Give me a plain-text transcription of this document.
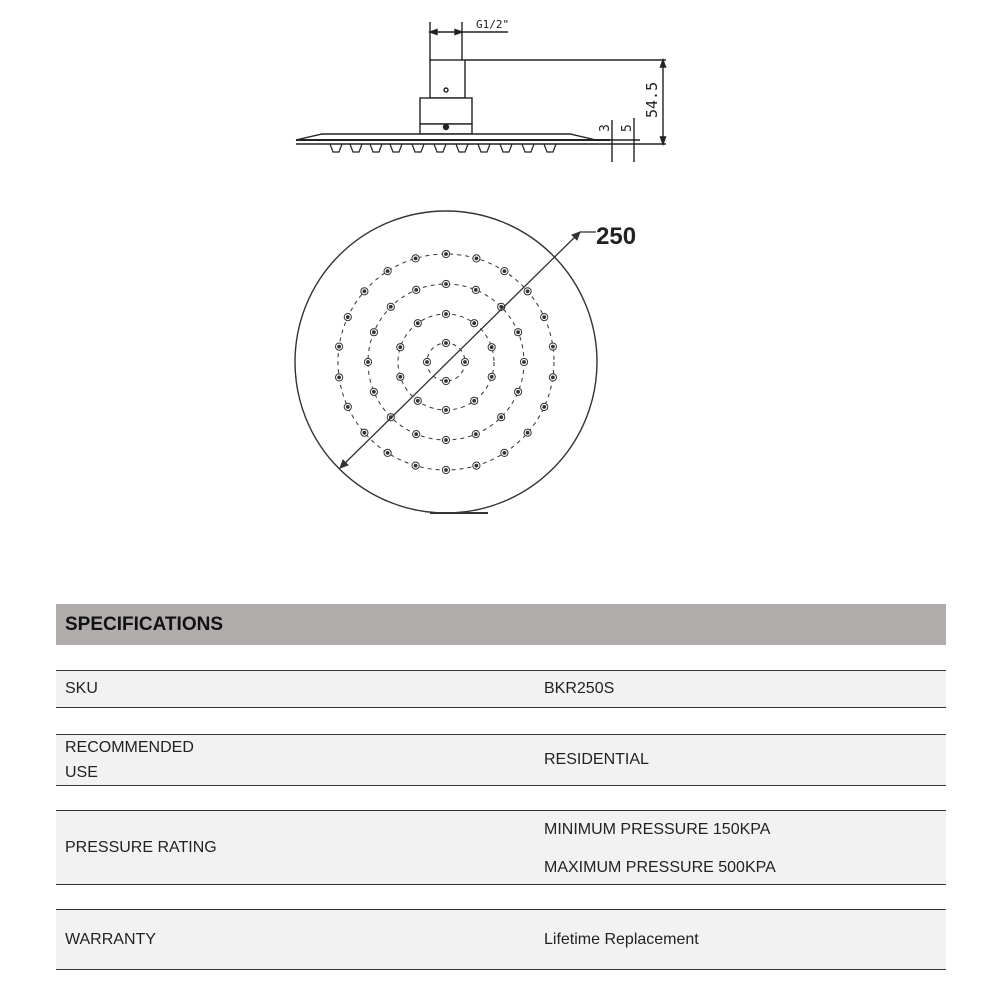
G1/2"
54.5
3 5
250
SPECIFICATIONS
SKU	BKR250S
RECOMMENDED
USE
RESIDENTIAL
PRESSURE RATING
MINIMUM PRESSURE 150KPA
MAXIMUM PRESSURE 500KPA
WARRANTY	Lifetime Replacement
